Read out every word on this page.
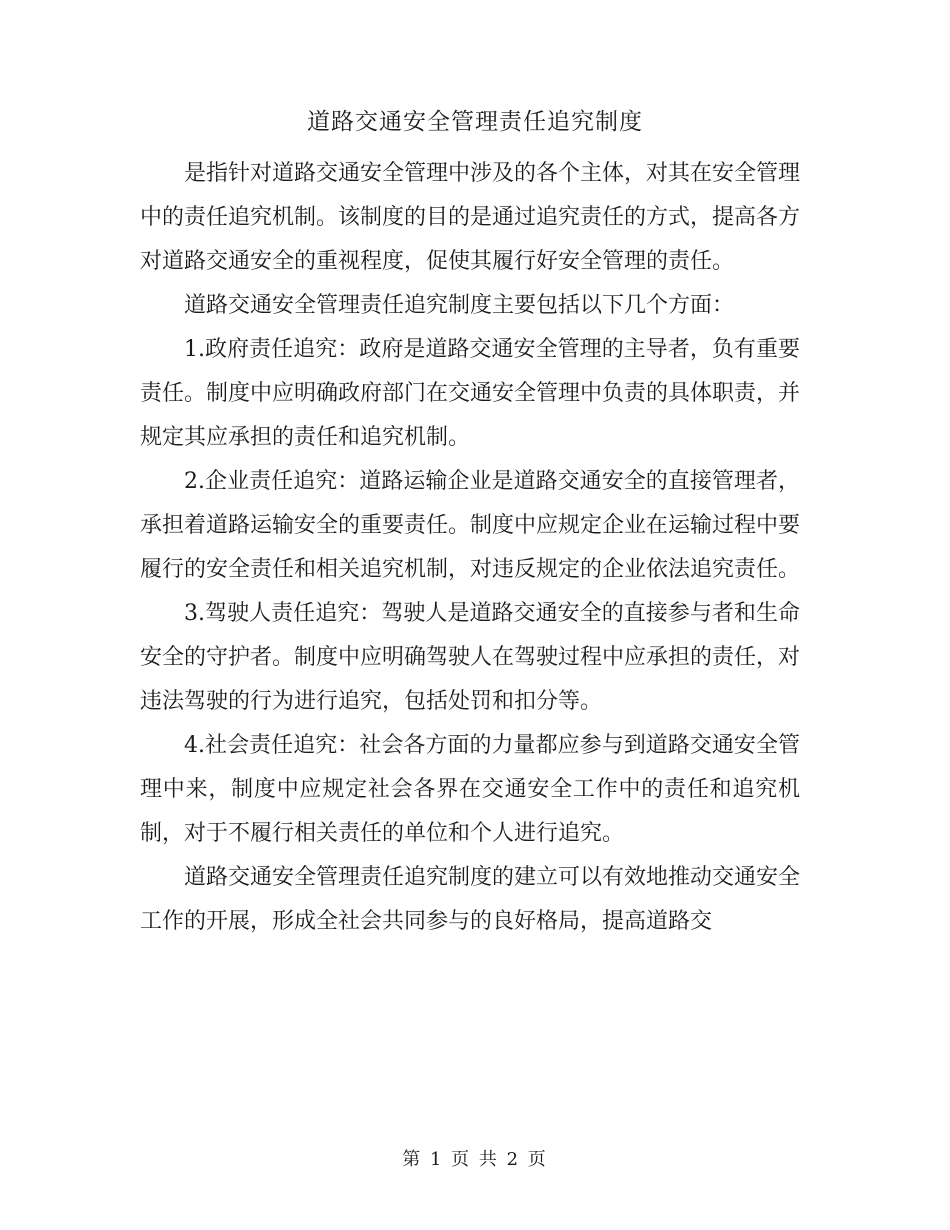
道路交通安全管理责任追究制度

是指针对道路交通安全管理中涉及的各个主体，对其在安全管理中的责任追究机制。该制度的目的是通过追究责任的方式，提高各方对道路交通安全的重视程度，促使其履行好安全管理的责任。

道路交通安全管理责任追究制度主要包括以下几个方面：

1.政府责任追究：政府是道路交通安全管理的主导者，负有重要责任。制度中应明确政府部门在交通安全管理中负责的具体职责，并规定其应承担的责任和追究机制。

2.企业责任追究：道路运输企业是道路交通安全的直接管理者，承担着道路运输安全的重要责任。制度中应规定企业在运输过程中要履行的安全责任和相关追究机制，对违反规定的企业依法追究责任。

3.驾驶人责任追究：驾驶人是道路交通安全的直接参与者和生命安全的守护者。制度中应明确驾驶人在驾驶过程中应承担的责任，对违法驾驶的行为进行追究，包括处罚和扣分等。

4.社会责任追究：社会各方面的力量都应参与到道路交通安全管理中来，制度中应规定社会各界在交通安全工作中的责任和追究机制，对于不履行相关责任的单位和个人进行追究。

道路交通安全管理责任追究制度的建立可以有效地推动交通安全工作的开展，形成全社会共同参与的良好格局，提高道路交

第 1 页 共 2 页
